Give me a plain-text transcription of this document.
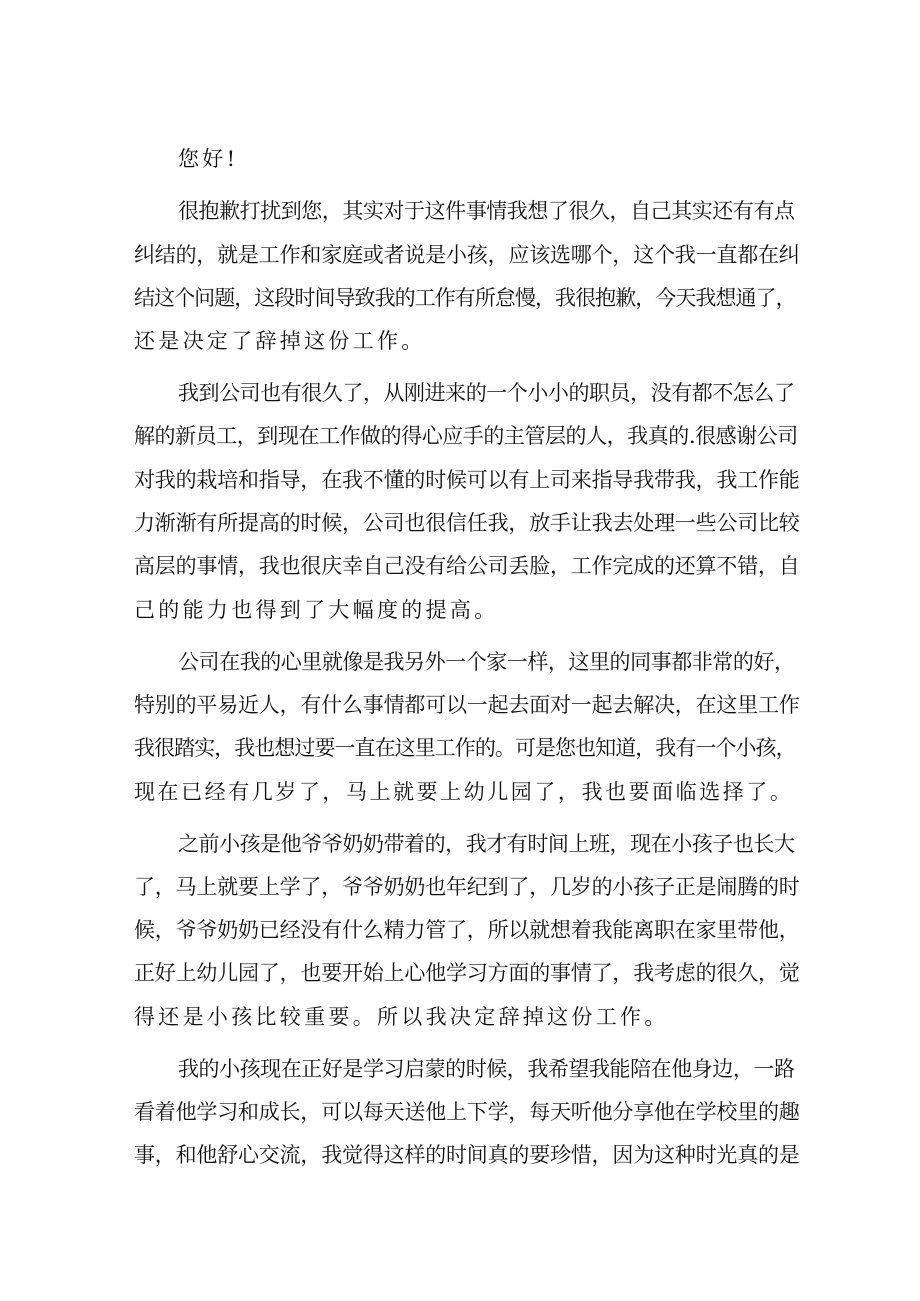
您好!
很抱歉打扰到您，其实对于这件事情我想了很久，自己其实还有有点
纠结的，就是工作和家庭或者说是小孩，应该选哪个，这个我一直都在纠
结这个问题，这段时间导致我的工作有所怠慢，我很抱歉，今天我想通了，
还是决定了辞掉这份工作。
我到公司也有很久了，从刚进来的一个小小的职员，没有都不怎么了
解的新员工，到现在工作做的得心应手的主管层的人，我真的.很感谢公司
对我的栽培和指导，在我不懂的时候可以有上司来指导我带我，我工作能
力渐渐有所提高的时候，公司也很信任我，放手让我去处理一些公司比较
高层的事情，我也很庆幸自己没有给公司丢脸，工作完成的还算不错，自
己的能力也得到了大幅度的提高。
公司在我的心里就像是我另外一个家一样，这里的同事都非常的好，
特别的平易近人，有什么事情都可以一起去面对一起去解决，在这里工作
我很踏实，我也想过要一直在这里工作的。可是您也知道，我有一个小孩，
现在已经有几岁了，马上就要上幼儿园了，我也要面临选择了。
之前小孩是他爷爷奶奶带着的，我才有时间上班，现在小孩子也长大
了，马上就要上学了，爷爷奶奶也年纪到了，几岁的小孩子正是闹腾的时
候，爷爷奶奶已经没有什么精力管了，所以就想着我能离职在家里带他，
正好上幼儿园了，也要开始上心他学习方面的事情了，我考虑的很久，觉
得还是小孩比较重要。所以我决定辞掉这份工作。
我的小孩现在正好是学习启蒙的时候，我希望我能陪在他身边，一路
看着他学习和成长，可以每天送他上下学，每天听他分享他在学校里的趣
事，和他舒心交流，我觉得这样的时间真的要珍惜，因为这种时光真的是
